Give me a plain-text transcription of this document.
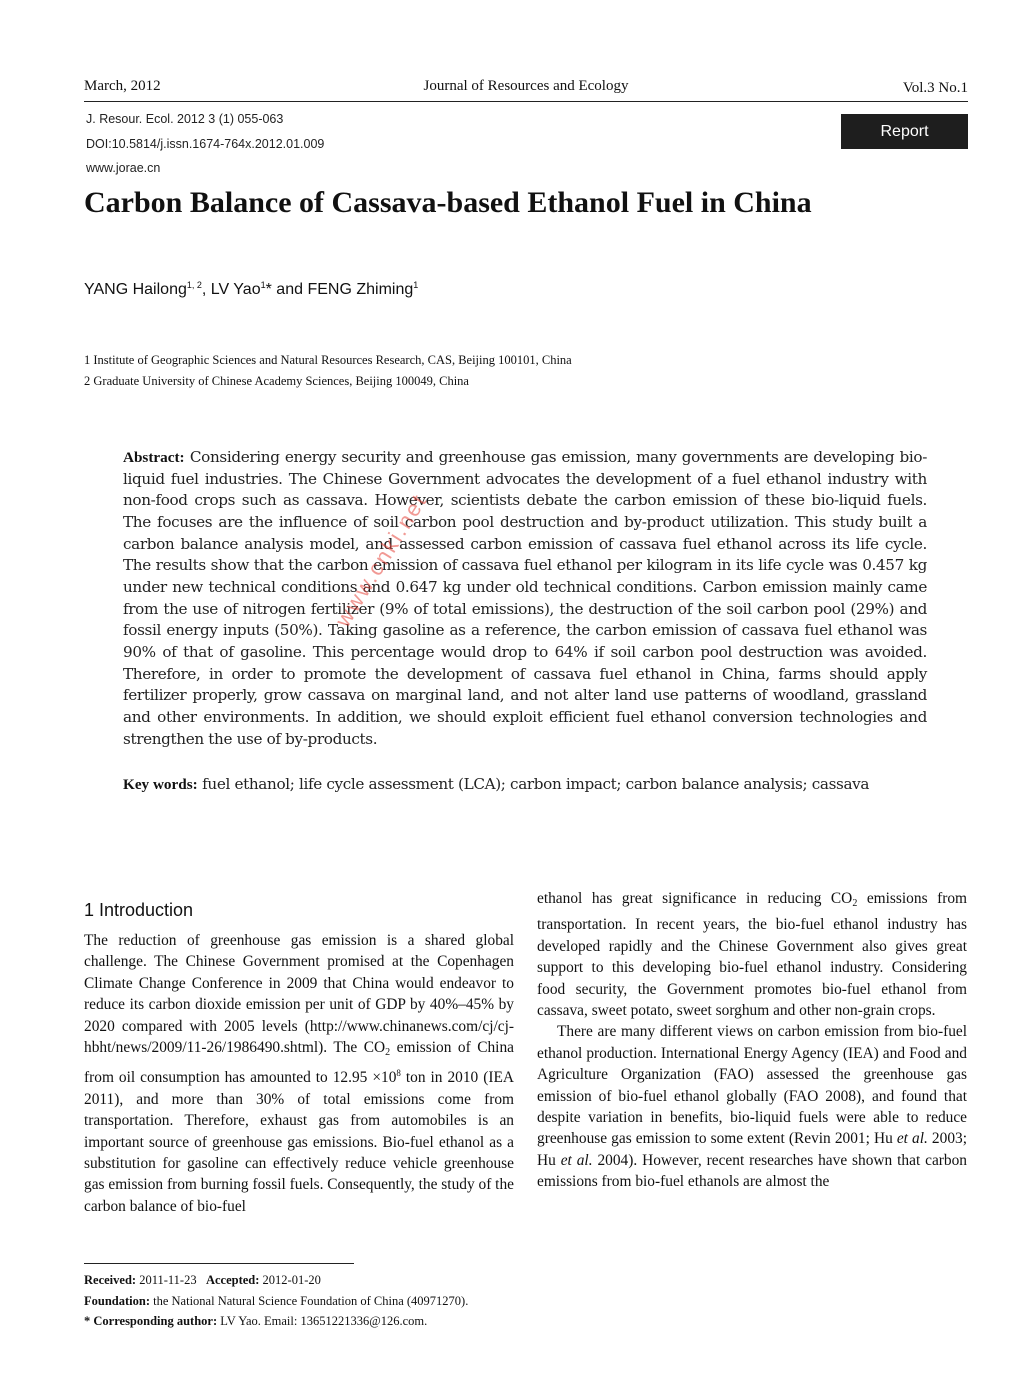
March, 2012	Journal of Resources and Ecology	Vol.3 No.1
J. Resour. Ecol. 2012 3 (1) 055-063
DOI:10.5814/j.issn.1674-764x.2012.01.009
www.jorae.cn
Report
Carbon Balance of Cassava-based Ethanol Fuel in China
YANG Hailong$^{1, 2}$, LV Yao$^1$* and FENG Zhiming$^1$
1 Institute of Geographic Sciences and Natural Resources Research, CAS, Beijing 100101, China
2 Graduate University of Chinese Academy Sciences, Beijing 100049, China
Abstract: Considering energy security and greenhouse gas emission, many governments are developing bio-liquid fuel industries. The Chinese Government advocates the development of a fuel ethanol industry with non-food crops such as cassava. However, scientists debate the carbon emission of these bio-liquid fuels. The focuses are the influence of soil carbon pool destruction and by-product utilization. This study built a carbon balance analysis model, and assessed carbon emission of cassava fuel ethanol across its life cycle. The results show that the carbon emission of cassava fuel ethanol per kilogram in its life cycle was 0.457 kg under new technical conditions and 0.647 kg under old technical conditions. Carbon emission mainly came from the use of nitrogen fertilizer (9% of total emissions), the destruction of the soil carbon pool (29%) and fossil energy inputs (50%). Taking gasoline as a reference, the carbon emission of cassava fuel ethanol was 90% of that of gasoline. This percentage would drop to 64% if soil carbon pool destruction was avoided. Therefore, in order to promote the development of cassava fuel ethanol in China, farms should apply fertilizer properly, grow cassava on marginal land, and not alter land use patterns of woodland, grassland and other environments. In addition, we should exploit efficient fuel ethanol conversion technologies and strengthen the use of by-products.
Key words: fuel ethanol; life cycle assessment (LCA); carbon impact; carbon balance analysis; cassava
www.cnki.net
1 Introduction

The reduction of greenhouse gas emission is a shared global challenge. The Chinese Government promised at the Copenhagen Climate Change Conference in 2009 that China would endeavor to reduce its carbon dioxide emission per unit of GDP by 40%–45% by 2020 compared with 2005 levels (http://www.chinanews.com/cj/cj-hbht/news/2009/11-26/1986490.shtml). The $CO_2$ emission of China from oil consumption has amounted to $12.95 \times 10^8$ ton in 2010 (IEA 2011), and more than 30% of total emissions come from transportation. Therefore, exhaust gas from automobiles is an important source of greenhouse gas emissions. Bio-fuel ethanol as a substitution for gasoline can effectively reduce vehicle greenhouse gas emission from burning fossil fuels. Consequently, the study of the carbon balance of bio-fuel

ethanol has great significance in reducing $CO_2$ emissions from transportation. In recent years, the bio-fuel ethanol industry has developed rapidly and the Chinese Government also gives great support to this developing bio-fuel ethanol industry. Considering food security, the Government promotes bio-fuel ethanol from cassava, sweet potato, sweet sorghum and other non-grain crops.

There are many different views on carbon emission from bio-fuel ethanol production. International Energy Agency (IEA) and Food and Agriculture Organization (FAO) assessed the greenhouse gas emission of bio-fuel ethanol globally (FAO 2008), and found that despite variation in benefits, bio-liquid fuels were able to reduce greenhouse gas emission to some extent (Revin 2001; Hu et al. 2003; Hu et al. 2004). However, recent researches have shown that carbon emissions from bio-fuel ethanols are almost the

Received: 2011-11-23 Accepted: 2012-01-20
Foundation: the National Natural Science Foundation of China (40971270).
* Corresponding author: LV Yao. Email: 13651221336@126.com.
